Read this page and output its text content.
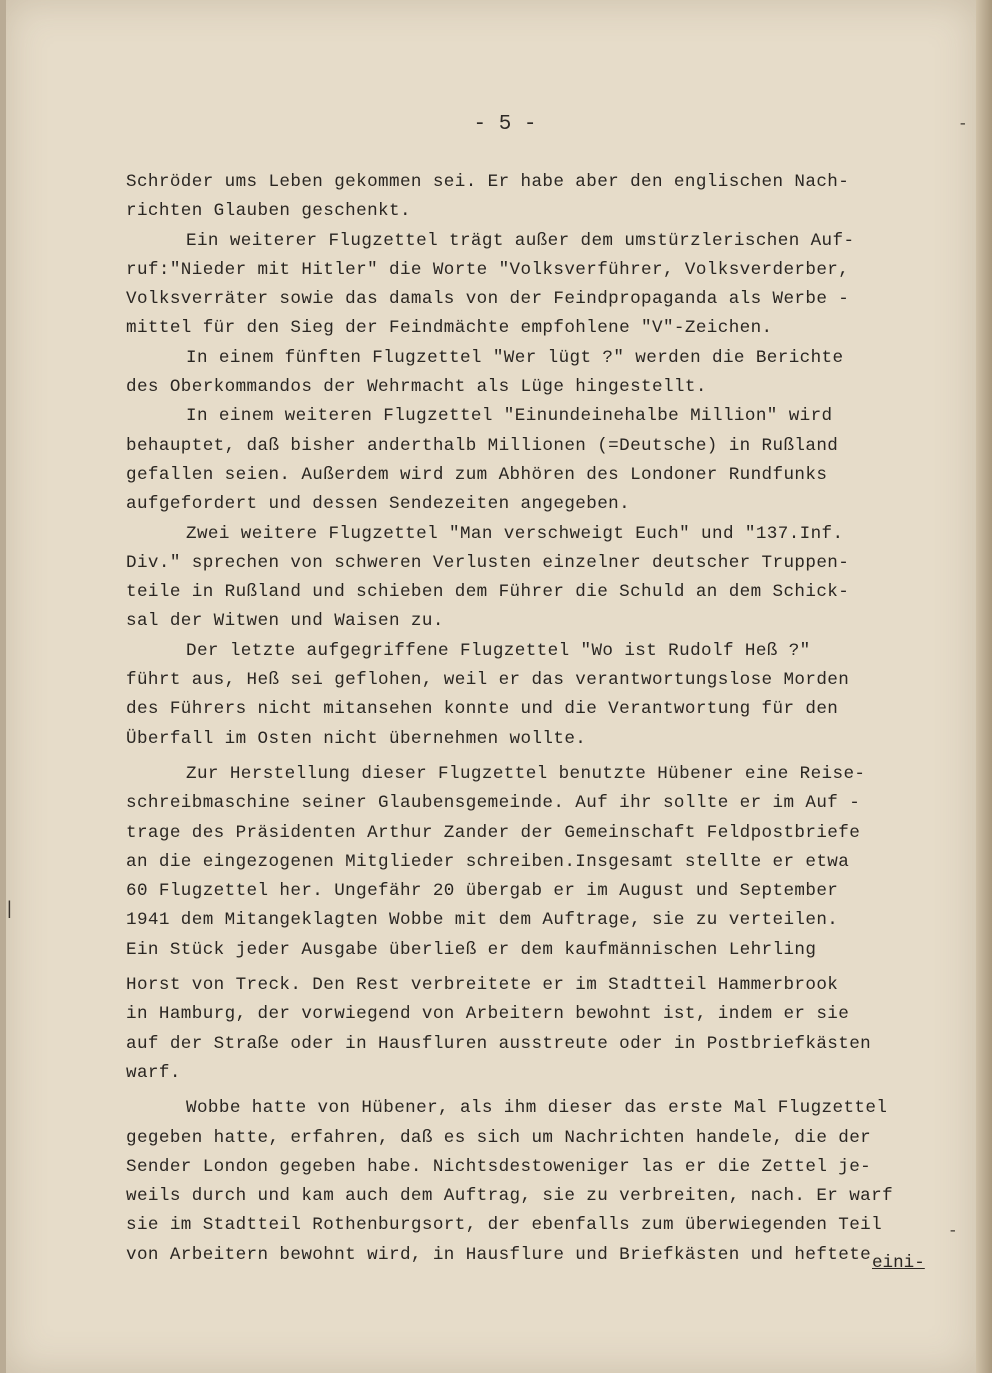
- 5 -
Schröder ums Leben gekommen sei. Er habe aber den englischen Nach-
richten Glauben geschenkt.
Ein weiterer Flugzettel trägt außer dem umstürzlerischen Auf-
ruf:"Nieder mit Hitler" die Worte "Volksverführer, Volksverderber,
Volksverräter sowie das damals von der Feindpropaganda als Werbe -
mittel für den Sieg der Feindmächte empfohlene "V"-Zeichen.
In einem fünften Flugzettel "Wer lügt ?" werden die Berichte
des Oberkommandos der Wehrmacht als Lüge hingestellt.
In einem weiteren Flugzettel "Einundeinehalbe Million" wird
behauptet, daß bisher anderthalb Millionen (=Deutsche) in Rußland
gefallen seien. Außerdem wird zum Abhören des Londoner Rundfunks
aufgefordert und dessen Sendezeiten angegeben.
Zwei weitere Flugzettel "Man verschweigt Euch" und "137.Inf.
Div." sprechen von schweren Verlusten einzelner deutscher Truppen-
teile in Rußland und schieben dem Führer die Schuld an dem Schick-
sal der Witwen und Waisen zu.
Der letzte aufgegriffene Flugzettel "Wo ist Rudolf Heß ?"
führt aus, Heß sei geflohen, weil er das verantwortungslose Morden
des Führers nicht mitansehen konnte und die Verantwortung für den
Überfall im Osten nicht übernehmen wollte.
Zur Herstellung dieser Flugzettel benutzte Hübener eine Reise-
schreibmaschine seiner Glaubensgemeinde. Auf ihr sollte er im Auf -
trage des Präsidenten Arthur Zander der Gemeinschaft Feldpostbriefe
an die eingezogenen Mitglieder schreiben.Insgesamt stellte er etwa
60 Flugzettel her. Ungefähr 20 übergab er im August und September
1941 dem Mitangeklagten Wobbe mit dem Auftrage, sie zu verteilen.
Ein Stück jeder Ausgabe überließ er dem kaufmännischen Lehrling
Horst von Treck. Den Rest verbreitete er im Stadtteil Hammerbrook
in Hamburg, der vorwiegend von Arbeitern bewohnt ist, indem er sie
auf der Straße oder in Hausfluren ausstreute oder in Postbriefkästen
warf.
Wobbe hatte von Hübener, als ihm dieser das erste Mal Flugzettel
gegeben hatte, erfahren, daß es sich um Nachrichten handele, die der
Sender London gegeben habe. Nichtsdestoweniger las er die Zettel je-
weils durch und kam auch dem Auftrag, sie zu verbreiten, nach. Er warf
sie im Stadtteil Rothenburgsort, der ebenfalls zum überwiegenden Teil
von Arbeitern bewohnt wird, in Hausflure und Briefkästen und heftete eini-
-
-
|
